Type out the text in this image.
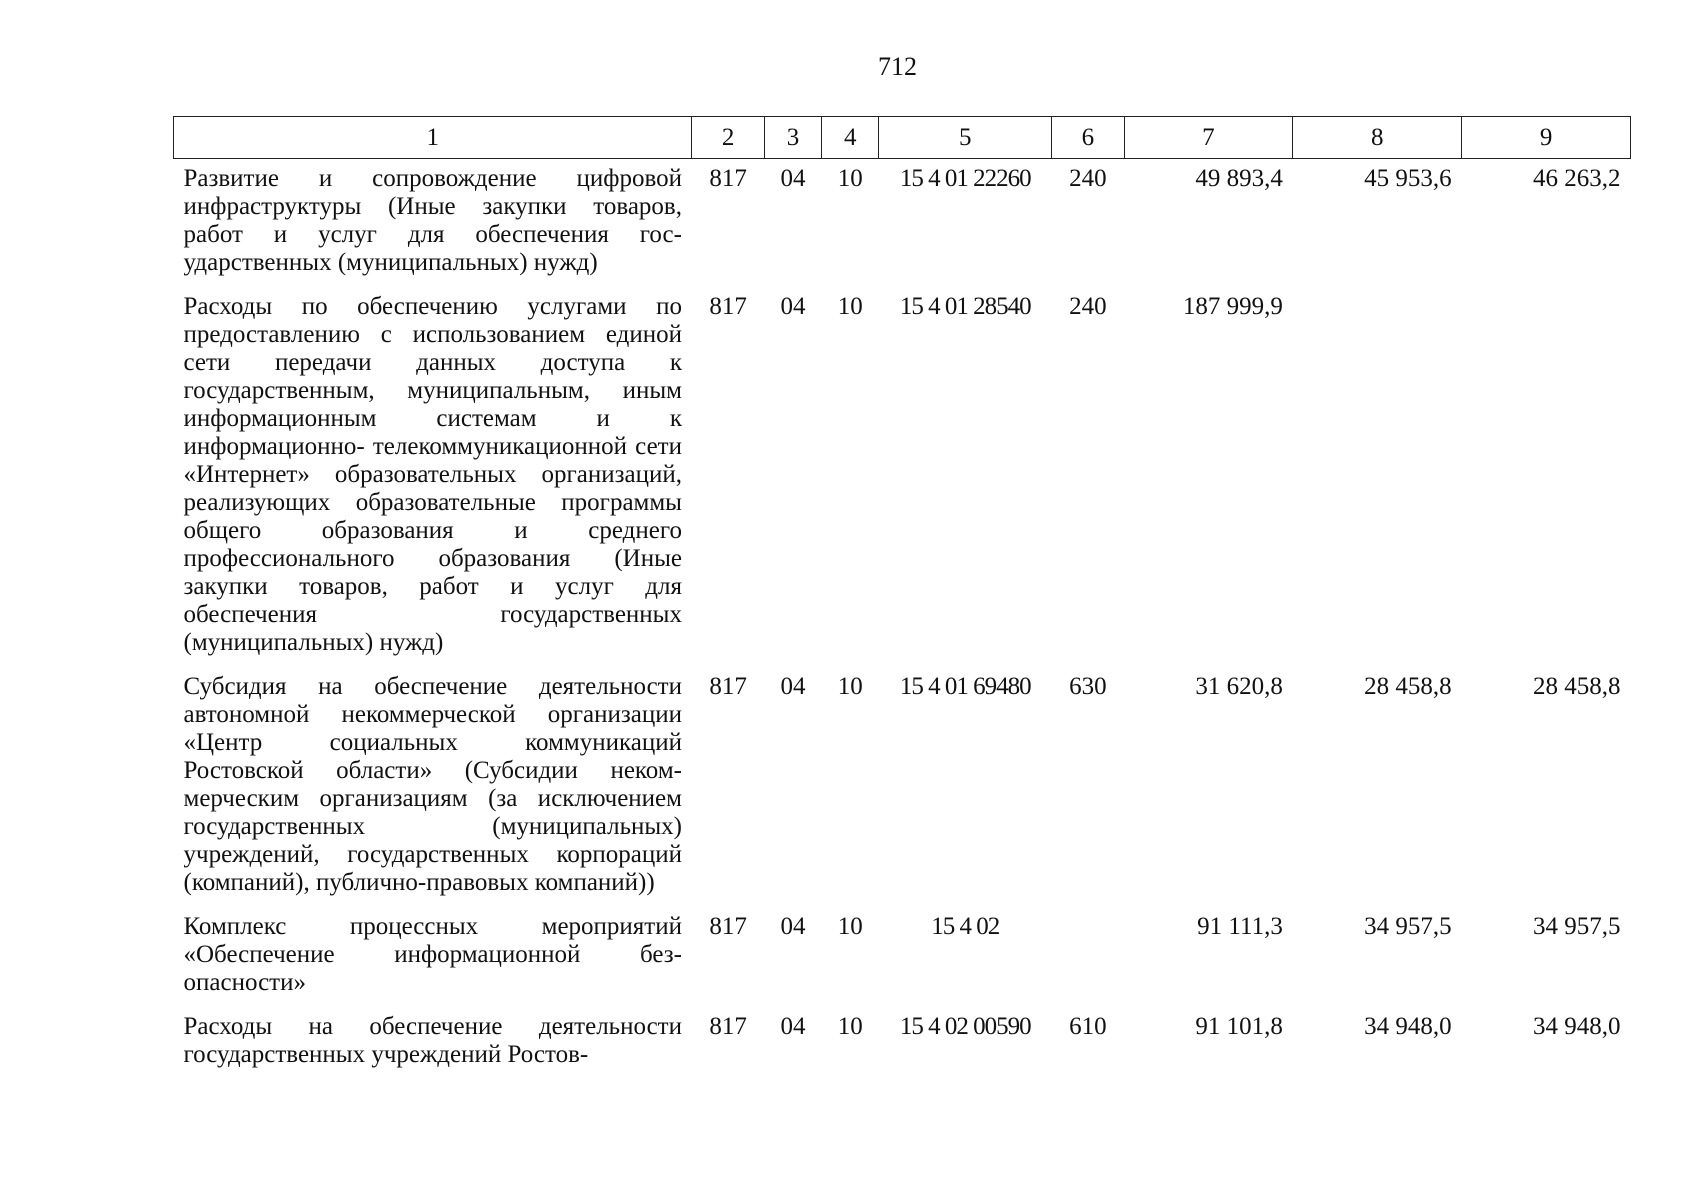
712
1	2	3	4	5	6	7	8	9
Развитие и сопровождение цифровой инфраструктуры (Иные закупки товаров, работ и услуг для обеспечения государственных (муниципальных) нужд)	817	04	10	15 4 01 22260	240	49 893,4	45 953,6	46 263,2
Расходы по обеспечению услугами по предоставлению с использованием единой сети передачи данных доступа к государственным, муниципальным, иным информационным системам и к информационно- телекоммуникационной сети «Интернет» образовательных организаций, реализующих образовательные программы общего образования и среднего профессионального образования (Иные закупки товаров, работ и услуг для обеспечения государственных (муниципальных) нужд)	817	04	10	15 4 01 28540	240	187 999,9		
Субсидия на обеспечение деятельности автономной некоммерческой организации «Центр социальных коммуникаций Ростовской области» (Субсидии некоммерческим организациям (за исключением государственных (муниципальных) учреждений, государственных корпораций (компаний), публично-правовых компаний))	817	04	10	15 4 01 69480	630	31 620,8	28 458,8	28 458,8
Комплекс процессных мероприятий «Обеспечение информационной безопасности»	817	04	10	15 4 02		91 111,3	34 957,5	34 957,5
Расходы на обеспечение деятельности государственных учреждений Ростов-	817	04	10	15 4 02 00590	610	91 101,8	34 948,0	34 948,0
